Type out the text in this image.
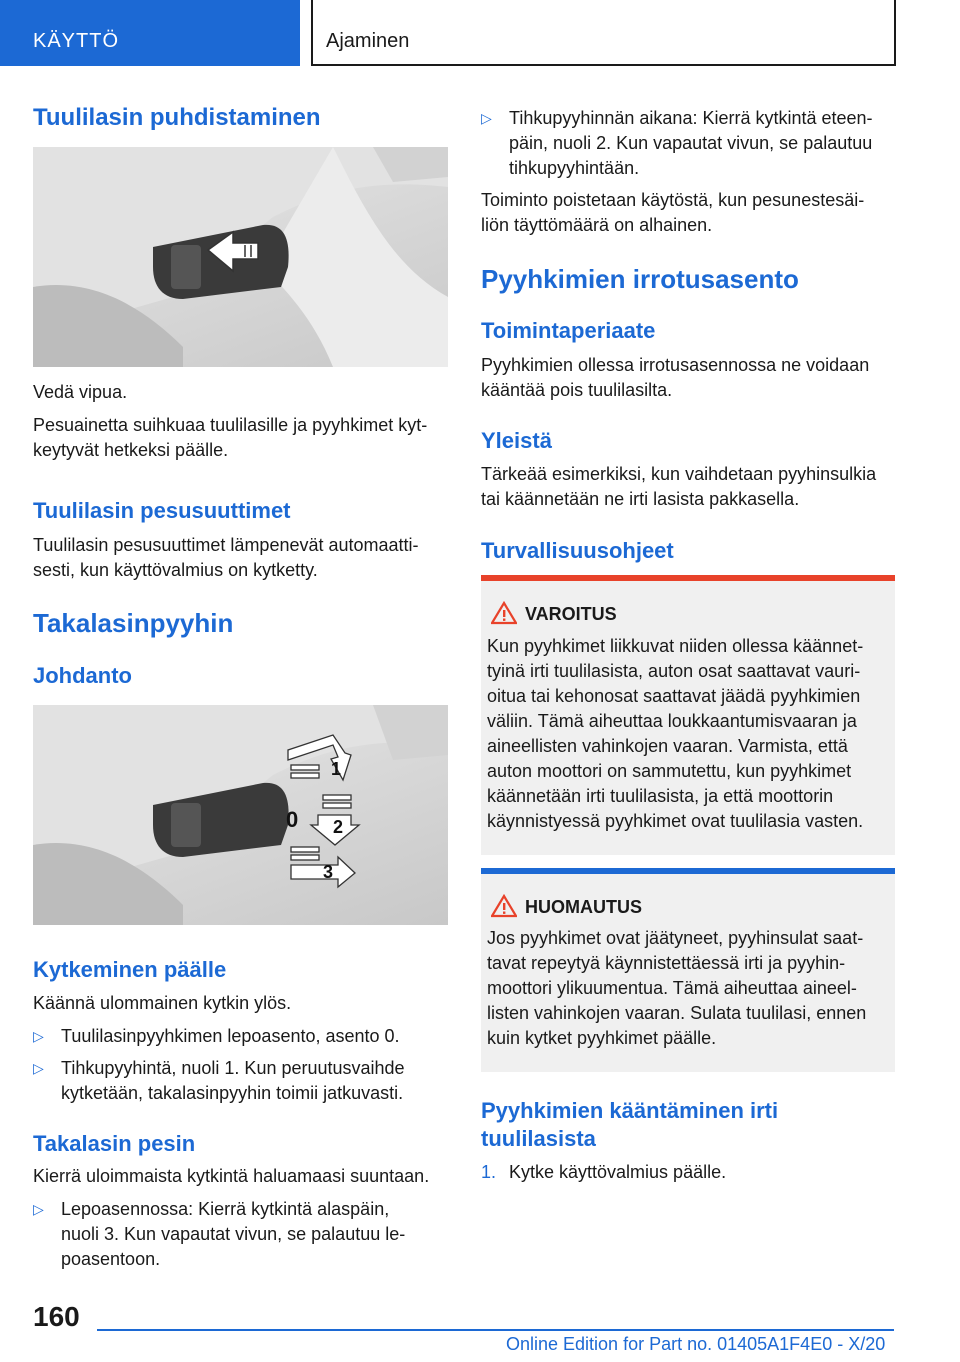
KÄYTTÖ	Ajaminen
Tuulilasin puhdistaminen
Vedä vipua.
Pesuainetta suihkuaa tuulilasille ja pyyhkimet kyt-
keytyvät hetkeksi päälle.
Tuulilasin pesusuuttimet
Tuulilasin pesusuuttimet lämpenevät automaatti-
sesti, kun käyttövalmius on kytketty.
Takalasinpyyhin
Johdanto
1
0 2
3
Kytkeminen päälle
Käännä ulommainen kytkin ylös.
▷ Tuulilasinpyyhkimen lepoasento, asento 0.
▷ Tihkupyyhintä, nuoli 1. Kun peruutusvaihde
kytketään, takalasinpyyhin toimii jatkuvasti.
Takalasin pesin
Kierrä uloimmaista kytkintä haluamaasi suuntaan.
▷ Lepoasennossa: Kierrä kytkintä alaspäin,
nuoli 3. Kun vapautat vivun, se palautuu le-
poasentoon.
▷ Tihkupyyhinnän aikana: Kierrä kytkintä eteen-
päin, nuoli 2. Kun vapautat vivun, se palautuu
tihkupyyhintään.
Toiminto poistetaan käytöstä, kun pesunestesäi-
liön täyttömäärä on alhainen.
Pyyhkimien irrotusasento
Toimintaperiaate
Pyyhkimien ollessa irrotusasennossa ne voidaan
kääntää pois tuulilasilta.
Yleistä
Tärkeää esimerkiksi, kun vaihdetaan pyyhinsulkia
tai käännetään ne irti lasista pakkasella.
Turvallisuusohjeet
VAROITUS
Kun pyyhkimet liikkuvat niiden ollessa käännet-
tyinä irti tuulilasista, auton osat saattavat vauri-
oitua tai kehonosat saattavat jäädä pyyhkimien
väliin. Tämä aiheuttaa loukkaantumisvaaran ja
aineellisten vahinkojen vaaran. Varmista, että
auton moottori on sammutettu, kun pyyhkimet
käännetään irti tuulilasista, ja että moottorin
käynnistyessä pyyhkimet ovat tuulilasia vasten.
HUOMAUTUS
Jos pyyhkimet ovat jäätyneet, pyyhinsulat saat-
tavat repeytyä käynnistettäessä irti ja pyyhin-
moottori ylikuumentua. Tämä aiheuttaa aineel-
listen vahinkojen vaaran. Sulata tuulilasi, ennen
kuin kytket pyyhkimet päälle.
Pyyhkimien kääntäminen irti
tuulilasista
1. Kytke käyttövalmius päälle.
160
Online Edition for Part no. 01405A1F4E0 - X/20
